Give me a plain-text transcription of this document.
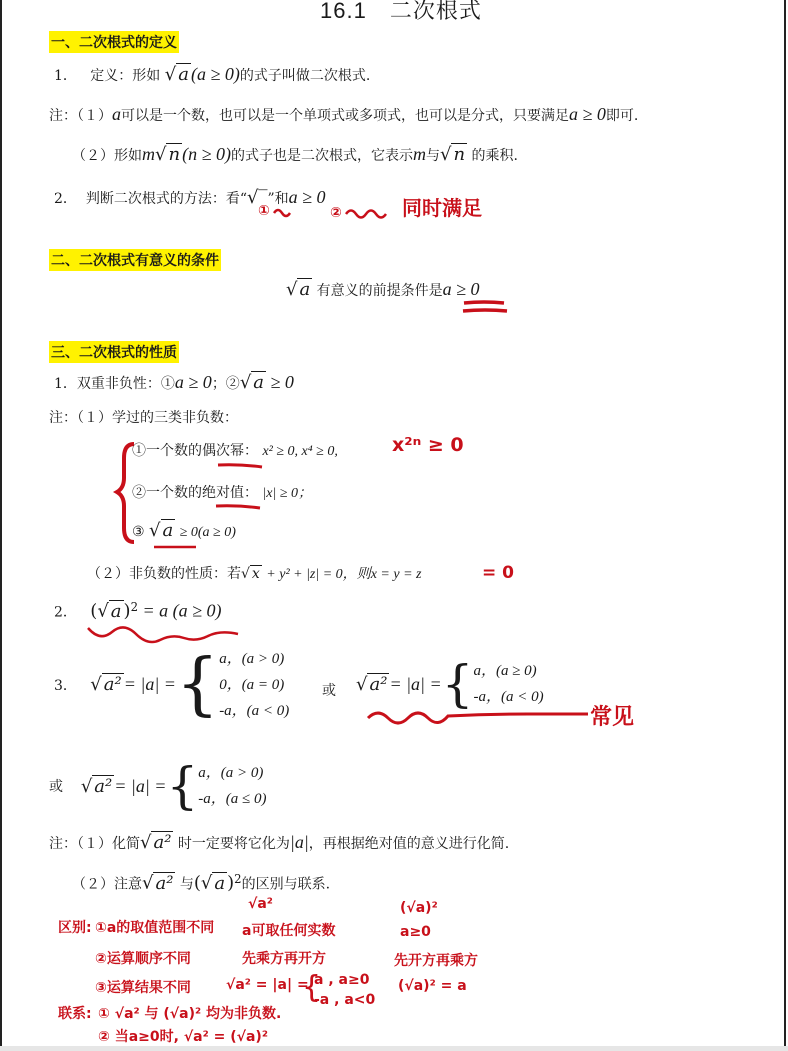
16.1　二次根式
一、二次根式的定义
1． 定义：形如 √ a (a ≥ 0)的式子叫做二次根式.
注：（１）a可以是一个数，也可以是一个单项式或多项式，也可以是分式，只要满足a ≥ 0即可.
（２）形如m√ n (n ≥ 0)的式子也是二次根式，它表示m与√ n 的乘积.
2． 判断二次根式的方法：看“√‾”和a ≥ 0
①	②	同时满足
二、二次根式有意义的条件
√ a 有意义的前提条件是a ≥ 0
三、二次根式的性质
1．双重非负性：①a ≥ 0；②√ a ≥ 0
注：（１）学过的三类非负数：
①一个数的偶次幂： x² ≥ 0, x⁴ ≥ 0,	x²ⁿ ≥ 0
②一个数的绝对值： |x| ≥ 0；
③ √ a ≥ 0(a ≥ 0)
（２）非负数的性质：若√ x + y² + |z| = 0，则x = y = z	= 0
2． (√ a )$^2$ = a (a ≥ 0)
3． √ a² = |a| ={ a，(a > 0)
0，(a = 0)
-a，(a < 0)
或 √ a² = |a| ={ a，(a ≥ 0)
-a，(a < 0)
常见
或 √ a² = |a| ={ a，(a > 0)
-a，(a ≤ 0)
注：（１）化简√ a² 时一定要将它化为|a|，再根据绝对值的意义进行化简.
（２）注意√ a² 与(√ a )$^2$的区别与联系.
√a²	(√a)²
区别: ①a的取值范围不同 a可取任何实数	a≥0
②运算顺序不同	先乘方再开方	先开方再乘方
③运算结果不同	√a² = |a| =
{
a , a≥0
-a , a<0
(√a)² = a
联系: ① √a² 与 (√a)² 均为非负数.
② 当a≥0时, √a² = (√a)²
